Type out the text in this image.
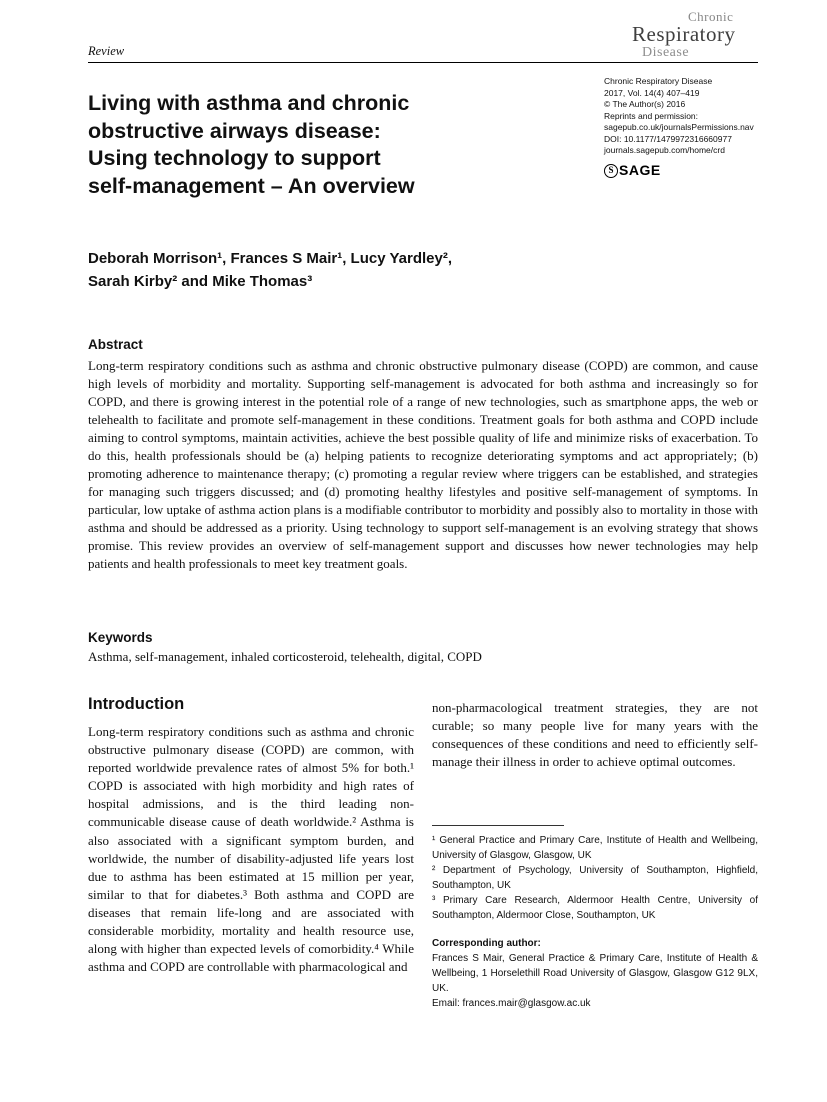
Review
Chronic
Respiratory
Disease
Living with asthma and chronic
obstructive airways disease:
Using technology to support
self-management – An overview
Chronic Respiratory Disease
2017, Vol. 14(4) 407–419
© The Author(s) 2016
Reprints and permission:
sagepub.co.uk/journalsPermissions.nav
DOI: 10.1177/1479972316660977
journals.sagepub.com/home/crd
S SAGE
Deborah Morrison¹, Frances S Mair¹, Lucy Yardley²,
Sarah Kirby² and Mike Thomas³
Abstract
Long-term respiratory conditions such as asthma and chronic obstructive pulmonary disease (COPD) are common, and cause high levels of morbidity and mortality. Supporting self-management is advocated for both asthma and increasingly so for COPD, and there is growing interest in the potential role of a range of new technologies, such as smartphone apps, the web or telehealth to facilitate and promote self-management in these conditions. Treatment goals for both asthma and COPD include aiming to control symptoms, maintain activities, achieve the best possible quality of life and minimize risks of exacerbation. To do this, health professionals should be (a) helping patients to recognize deteriorating symptoms and act appropriately; (b) promoting adherence to maintenance therapy; (c) promoting a regular review where triggers can be established, and strategies for managing such triggers discussed; and (d) promoting healthy lifestyles and positive self-management of symptoms. In particular, low uptake of asthma action plans is a modifiable contributor to morbidity and possibly also to mortality in those with asthma and should be addressed as a priority. Using technology to support self-management is an evolving strategy that shows promise. This review provides an overview of self-management support and discusses how newer technologies may help patients and health professionals to meet key treatment goals.
Keywords
Asthma, self-management, inhaled corticosteroid, telehealth, digital, COPD
Introduction
Long-term respiratory conditions such as asthma and chronic obstructive pulmonary disease (COPD) are common, with reported worldwide prevalence rates of almost 5% for both.¹ COPD is associated with high morbidity and high rates of hospital admissions, and is the third leading non-communicable disease cause of death worldwide.² Asthma is also associated with a significant symptom burden, and worldwide, the number of disability-adjusted life years lost due to asthma has been estimated at 15 million per year, similar to that for diabetes.³ Both asthma and COPD are diseases that remain life-long and are associated with considerable morbidity, mortality and health resource use, along with higher than expected levels of comorbidity.⁴ While asthma and COPD are controllable with pharmacological and
non-pharmacological treatment strategies, they are not curable; so many people live for many years with the consequences of these conditions and need to efficiently self-manage their illness in order to achieve optimal outcomes.

¹ General Practice and Primary Care, Institute of Health and Wellbeing, University of Glasgow, Glasgow, UK

² Department of Psychology, University of Southampton, Highfield, Southampton, UK

³ Primary Care Research, Aldermoor Health Centre, University of Southampton, Aldermoor Close, Southampton, UK

Corresponding author:
Frances S Mair, General Practice & Primary Care, Institute of Health & Wellbeing, 1 Horselethill Road University of Glasgow, Glasgow G12 9LX, UK.
Email: frances.mair@glasgow.ac.uk
